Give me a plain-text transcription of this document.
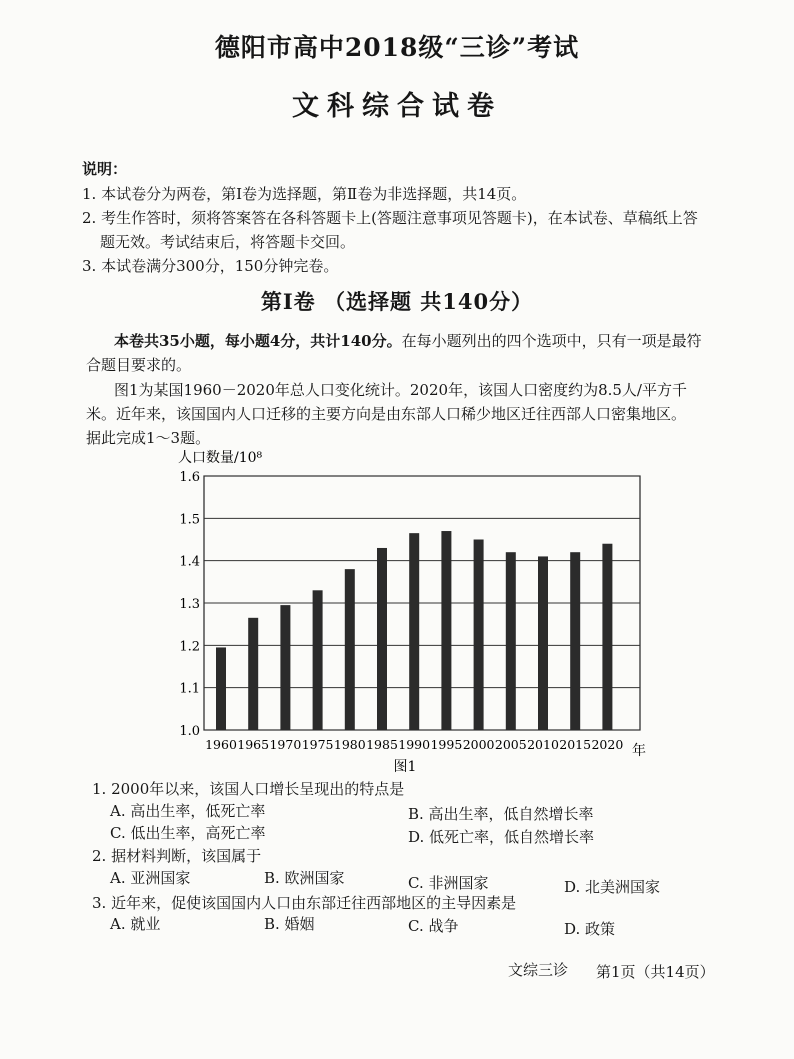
德阳市高中2018级“三诊”考试
文科综合试卷
说明：
1. 本试卷分为两卷，第Ⅰ卷为选择题，第Ⅱ卷为非选择题，共14页。
2. 考生作答时，须将答案答在各科答题卡上(答题注意事项见答题卡)，在本试卷、草稿纸上答
题无效。考试结束后，将答题卡交回。
3. 本试卷满分300分，150分钟完卷。
第Ⅰ卷 （选择题 共140分）
本卷共35小题，每小题4分，共计140分。在每小题列出的四个选项中，只有一项是最符
合题目要求的。
图1为某国1960－2020年总人口变化统计。2020年，该国人口密度约为8.5人/平方千
米。近年来，该国国内人口迁移的主要方向是由东部人口稀少地区迁往西部人口密集地区。
据此完成1～3题。
人口数量/10⁸
1.0
1.1
1.2
1.3
1.4
1.5
1.6
1960 1965 1970 1975 1980 1985 1990 1995 2000 2005 2010 2015 2020 年
图1
1. 2000年以来，该国人口增长呈现出的特点是
A. 高出生率，低死亡率	B. 高出生率，低自然增长率
C. 低出生率，高死亡率	D. 低死亡率，低自然增长率
2. 据材料判断，该国属于
A. 亚洲国家	B. 欧洲国家	C. 非洲国家	D. 北美洲国家
3. 近年来，促使该国国内人口由东部迁往西部地区的主导因素是
A. 就业	B. 婚姻	C. 战争	D. 政策
文综三诊 第1页（共14页）
